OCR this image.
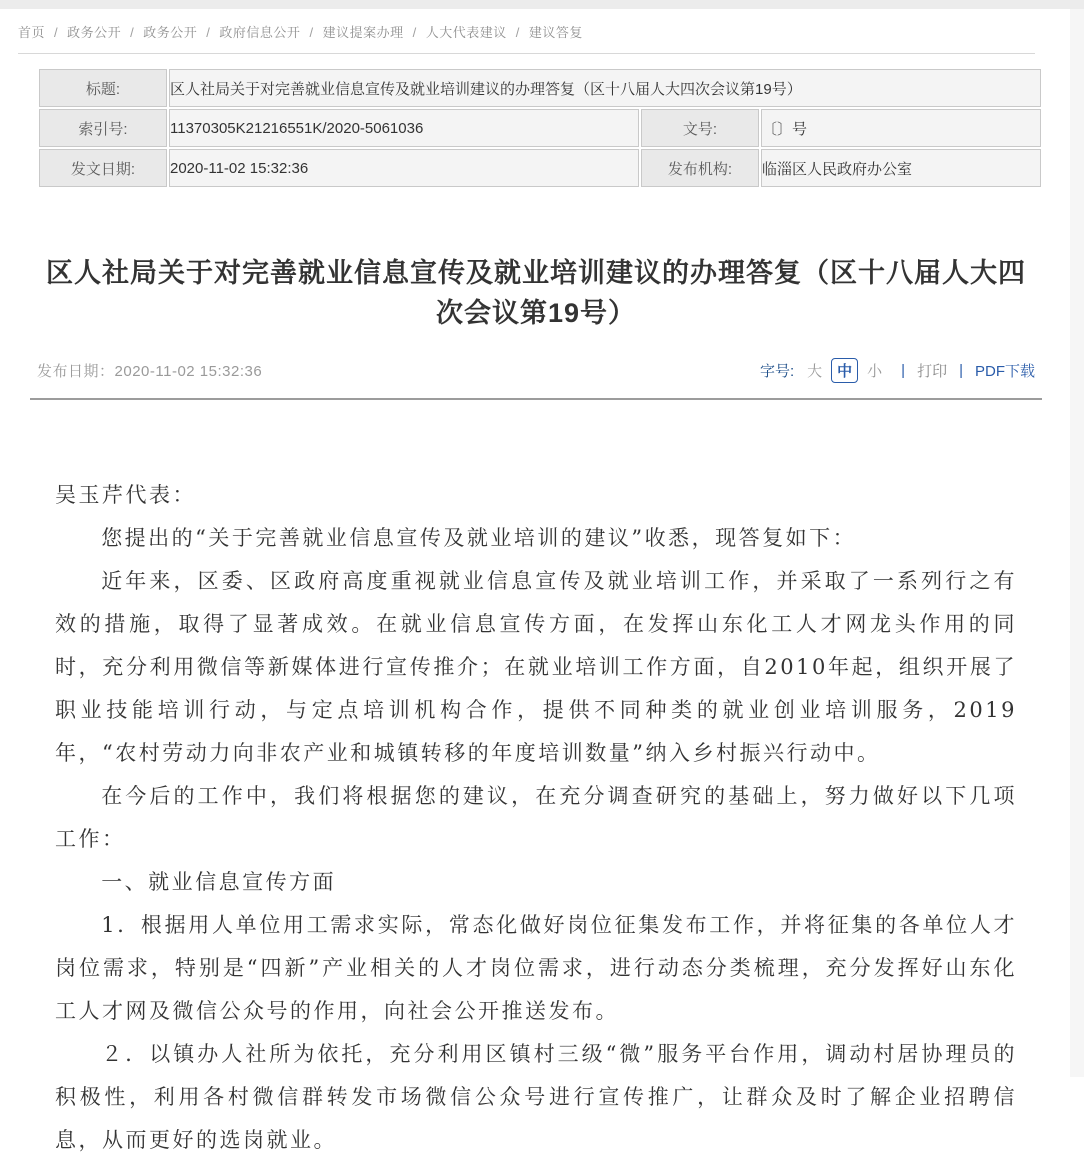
首页 / 政务公开 / 政务公开 / 政府信息公开 / 建议提案办理 / 人大代表建议 / 建议答复
标题:	区人社局关于对完善就业信息宣传及就业培训建议的办理答复（区十八届人大四次会议第19号）		
索引号:	11370305K21216551K/2020-5061036	文号:	〔〕号
发文日期:	2020-11-02 15:32:36	发布机构:	临淄区人民政府办公室
区人社局关于对完善就业信息宣传及就业培训建议的办理答复（区十八届人大四次会议第19号）
发布日期：2020-11-02 15:32:36	字号: 大	中	小	| 打印 | PDF下载

吴玉芹代表：

您提出的“关于完善就业信息宣传及就业培训的建议”收悉，现答复如下：

近年来，区委、区政府高度重视就业信息宣传及就业培训工作，并采取了一系列行之有效的措施，取得了显著成效。在就业信息宣传方面，在发挥山东化工人才网龙头作用的同时，充分利用微信等新媒体进行宣传推介；在就业培训工作方面，自2010年起，组织开展了职业技能培训行动，与定点培训机构合作，提供不同种类的就业创业培训服务，2019年，“农村劳动力向非农产业和城镇转移的年度培训数量”纳入乡村振兴行动中。

在今后的工作中，我们将根据您的建议，在充分调查研究的基础上，努力做好以下几项工作：

一、就业信息宣传方面

1．根据用人单位用工需求实际，常态化做好岗位征集发布工作，并将征集的各单位人才岗位需求，特别是“四新”产业相关的人才岗位需求，进行动态分类梳理，充分发挥好山东化工人才网及微信公众号的作用，向社会公开推送发布。

２．以镇办人社所为依托，充分利用区镇村三级“微”服务平台作用，调动村居协理员的积极性，利用各村微信群转发市场微信公众号进行宣传推广，让群众及时了解企业招聘信息，从而更好的选岗就业。
